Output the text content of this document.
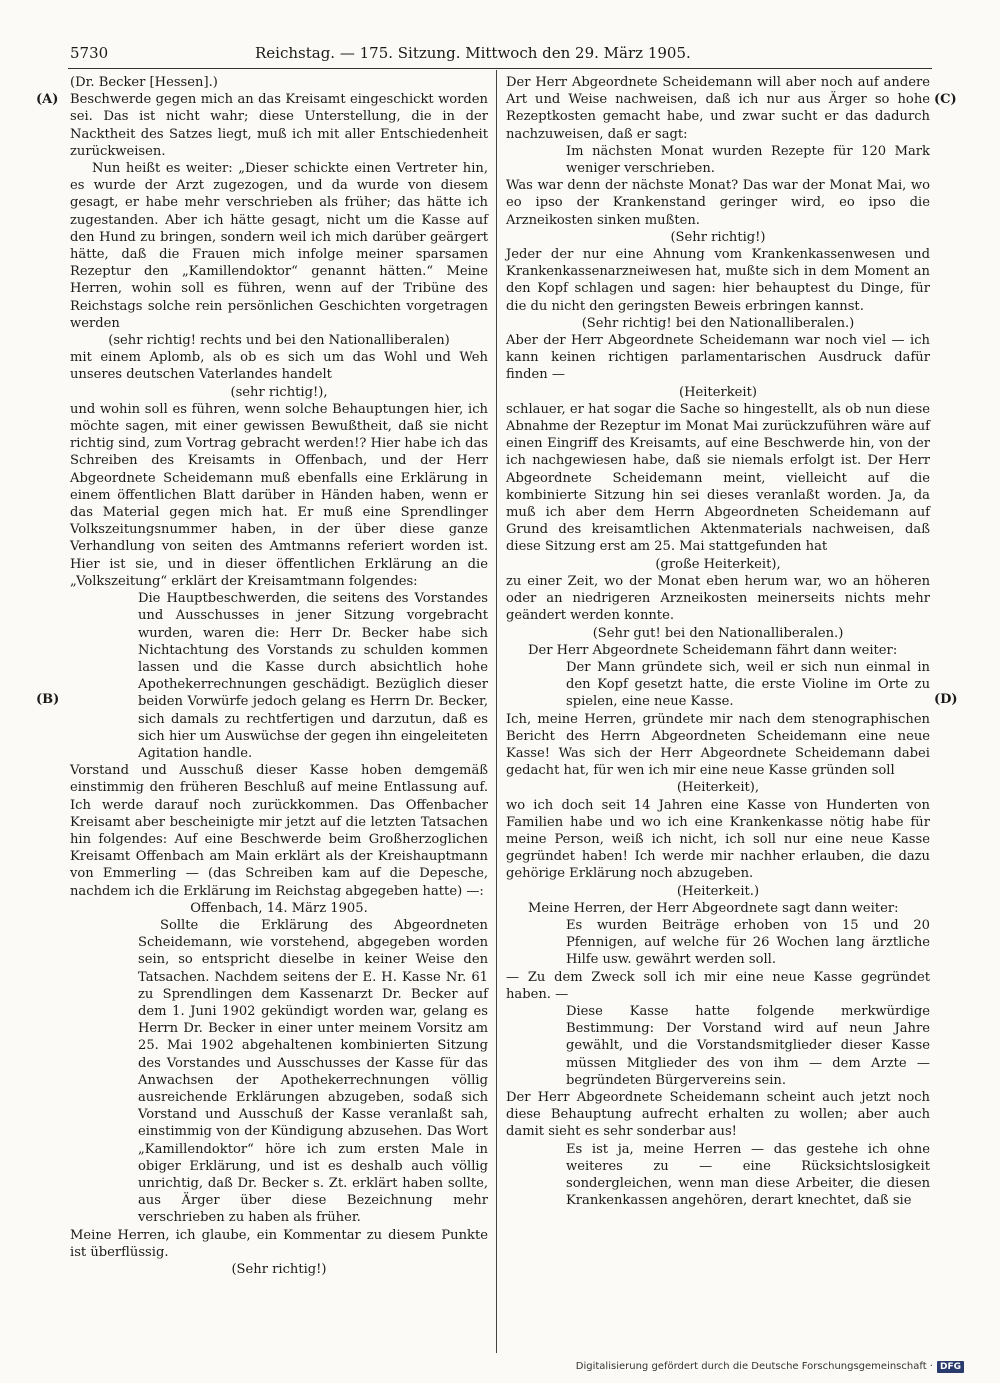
5730	Reichstag. — 175. Sitzung. Mittwoch den 29. März 1905.
(A)
(B)
(C)
(D)

(Dr. Becker [Hessen].)

Beschwerde gegen mich an das Kreisamt eingeschickt worden sei. Das ist nicht wahr; diese Unterstellung, die in der Nacktheit des Satzes liegt, muß ich mit aller Entschiedenheit zurückweisen.

Nun heißt es weiter: „Dieser schickte einen Vertreter hin, es wurde der Arzt zugezogen, und da wurde von diesem gesagt, er habe mehr verschrieben als früher; das hätte ich zugestanden. Aber ich hätte gesagt, nicht um die Kasse auf den Hund zu bringen, sondern weil ich mich darüber geärgert hätte, daß die Frauen mich infolge meiner sparsamen Rezeptur den „Kamillendoktor“ genannt hätten.“ Meine Herren, wohin soll es führen, wenn auf der Tribüne des Reichstags solche rein persönlichen Geschichten vorgetragen werden

(sehr richtig! rechts und bei den Nationalliberalen)

mit einem Aplomb, als ob es sich um das Wohl und Weh unseres deutschen Vaterlandes handelt

(sehr richtig!),

und wohin soll es führen, wenn solche Behauptungen hier, ich möchte sagen, mit einer gewissen Bewußtheit, daß sie nicht richtig sind, zum Vortrag gebracht werden!? Hier habe ich das Schreiben des Kreisamts in Offenbach, und der Herr Abgeordnete Scheidemann muß ebenfalls eine Erklärung in einem öffentlichen Blatt darüber in Händen haben, wenn er das Material gegen mich hat. Er muß eine Sprendlinger Volkszeitungsnummer haben, in der über diese ganze Verhandlung von seiten des Amtmanns referiert worden ist. Hier ist sie, und in dieser öffentlichen Erklärung an die „Volkszeitung“ erklärt der Kreisamtmann folgendes:

Die Hauptbeschwerden, die seitens des Vorstandes und Ausschusses in jener Sitzung vorgebracht wurden, waren die: Herr Dr. Becker habe sich Nichtachtung des Vorstands zu schulden kommen lassen und die Kasse durch absichtlich hohe Apothekerrechnungen geschädigt. Bezüglich dieser beiden Vorwürfe jedoch gelang es Herrn Dr. Becker, sich damals zu rechtfertigen und darzutun, daß es sich hier um Auswüchse der gegen ihn eingeleiteten Agitation handle.

Vorstand und Ausschuß dieser Kasse hoben demgemäß einstimmig den früheren Beschluß auf meine Entlassung auf. Ich werde darauf noch zurückkommen. Das Offenbacher Kreisamt aber bescheinigte mir jetzt auf die letzten Tatsachen hin folgendes: Auf eine Beschwerde beim Großherzoglichen Kreisamt Offenbach am Main erklärt als der Kreishauptmann von Emmerling — (das Schreiben kam auf die Depesche, nachdem ich die Erklärung im Reichstag abgegeben hatte) —:

Offenbach, 14. März 1905.

Sollte die Erklärung des Abgeordneten Scheidemann, wie vorstehend, abgegeben worden sein, so entspricht dieselbe in keiner Weise den Tatsachen. Nachdem seitens der E. H. Kasse Nr. 61 zu Sprendlingen dem Kassenarzt Dr. Becker auf dem 1. Juni 1902 gekündigt worden war, gelang es Herrn Dr. Becker in einer unter meinem Vorsitz am 25. Mai 1902 abgehaltenen kombinierten Sitzung des Vorstandes und Ausschusses der Kasse für das Anwachsen der Apothekerrechnungen völlig ausreichende Erklärungen abzugeben, sodaß sich Vorstand und Ausschuß der Kasse veranlaßt sah, einstimmig von der Kündigung abzusehen. Das Wort „Kamillendoktor“ höre ich zum ersten Male in obiger Erklärung, und ist es deshalb auch völlig unrichtig, daß Dr. Becker s. Zt. erklärt haben sollte, aus Ärger über diese Bezeichnung mehr verschrieben zu haben als früher.

Meine Herren, ich glaube, ein Kommentar zu diesem Punkte ist überflüssig.

(Sehr richtig!)

Der Herr Abgeordnete Scheidemann will aber noch auf andere Art und Weise nachweisen, daß ich nur aus Ärger so hohe Rezeptkosten gemacht habe, und zwar sucht er das dadurch nachzuweisen, daß er sagt:

Im nächsten Monat wurden Rezepte für 120 Mark weniger verschrieben.

Was war denn der nächste Monat? Das war der Monat Mai, wo eo ipso der Krankenstand geringer wird, eo ipso die Arzneikosten sinken mußten.

(Sehr richtig!)

Jeder der nur eine Ahnung vom Krankenkassenwesen und Krankenkassenarzneiwesen hat, mußte sich in dem Moment an den Kopf schlagen und sagen: hier behauptest du Dinge, für die du nicht den geringsten Beweis erbringen kannst.

(Sehr richtig! bei den Nationalliberalen.)

Aber der Herr Abgeordnete Scheidemann war noch viel — ich kann keinen richtigen parlamentarischen Ausdruck dafür finden —

(Heiterkeit)

schlauer, er hat sogar die Sache so hingestellt, als ob nun diese Abnahme der Rezeptur im Monat Mai zurückzuführen wäre auf einen Eingriff des Kreisamts, auf eine Beschwerde hin, von der ich nachgewiesen habe, daß sie niemals erfolgt ist. Der Herr Abgeordnete Scheidemann meint, vielleicht auf die kombinierte Sitzung hin sei dieses veranlaßt worden. Ja, da muß ich aber dem Herrn Abgeordneten Scheidemann auf Grund des kreisamtlichen Aktenmaterials nachweisen, daß diese Sitzung erst am 25. Mai stattgefunden hat

(große Heiterkeit),

zu einer Zeit, wo der Monat eben herum war, wo an höheren oder an niedrigeren Arzneikosten meinerseits nichts mehr geändert werden konnte.

(Sehr gut! bei den Nationalliberalen.)

Der Herr Abgeordnete Scheidemann fährt dann weiter:

Der Mann gründete sich, weil er sich nun einmal in den Kopf gesetzt hatte, die erste Violine im Orte zu spielen, eine neue Kasse.

Ich, meine Herren, gründete mir nach dem stenographischen Bericht des Herrn Abgeordneten Scheidemann eine neue Kasse! Was sich der Herr Abgeordnete Scheidemann dabei gedacht hat, für wen ich mir eine neue Kasse gründen soll

(Heiterkeit),

wo ich doch seit 14 Jahren eine Kasse von Hunderten von Familien habe und wo ich eine Krankenkasse nötig habe für meine Person, weiß ich nicht, ich soll nur eine neue Kasse gegründet haben! Ich werde mir nachher erlauben, die dazu gehörige Erklärung noch abzugeben.

(Heiterkeit.)

Meine Herren, der Herr Abgeordnete sagt dann weiter:

Es wurden Beiträge erhoben von 15 und 20 Pfennigen, auf welche für 26 Wochen lang ärztliche Hilfe usw. gewährt werden soll.

— Zu dem Zweck soll ich mir eine neue Kasse gegründet haben. —

Diese Kasse hatte folgende merkwürdige Bestimmung: Der Vorstand wird auf neun Jahre gewählt, und die Vorstandsmitglieder dieser Kasse müssen Mitglieder des von ihm — dem Arzte — begründeten Bürgervereins sein.

Der Herr Abgeordnete Scheidemann scheint auch jetzt noch diese Behauptung aufrecht erhalten zu wollen; aber auch damit sieht es sehr sonderbar aus!

Es ist ja, meine Herren — das gestehe ich ohne weiteres zu — eine Rücksichtslosigkeit sondergleichen, wenn man diese Arbeiter, die diesen Krankenkassen angehören, derart knechtet, daß sie

Digitalisierung gefördert durch die Deutsche Forschungsgemeinschaft · DFG
